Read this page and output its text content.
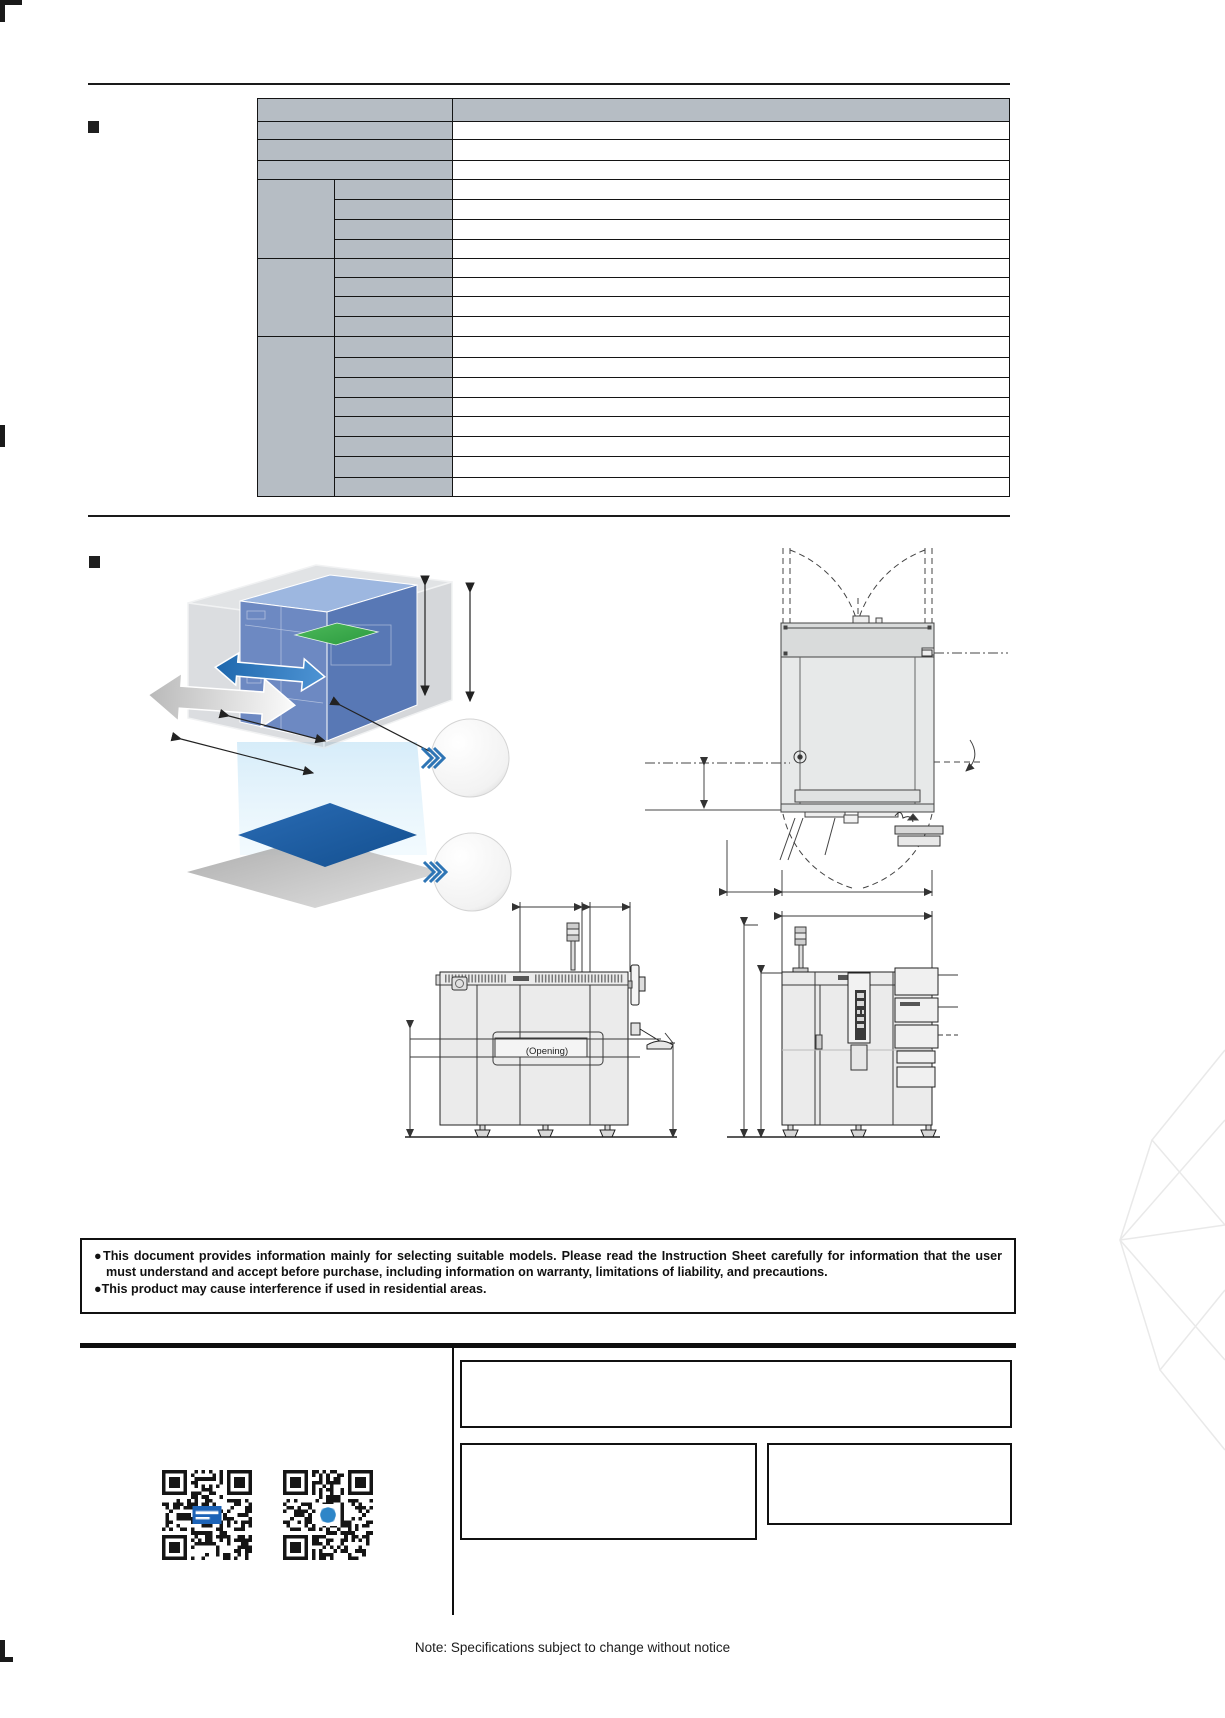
(Opening)

●This document provides information mainly for selecting suitable models. Please read the Instruction Sheet carefully for information that the user must understand and accept before purchase, including information on warranty, limitations of liability, and precautions.

●This product may cause interference if used in residential areas.

Note: Specifications subject to change without notice
